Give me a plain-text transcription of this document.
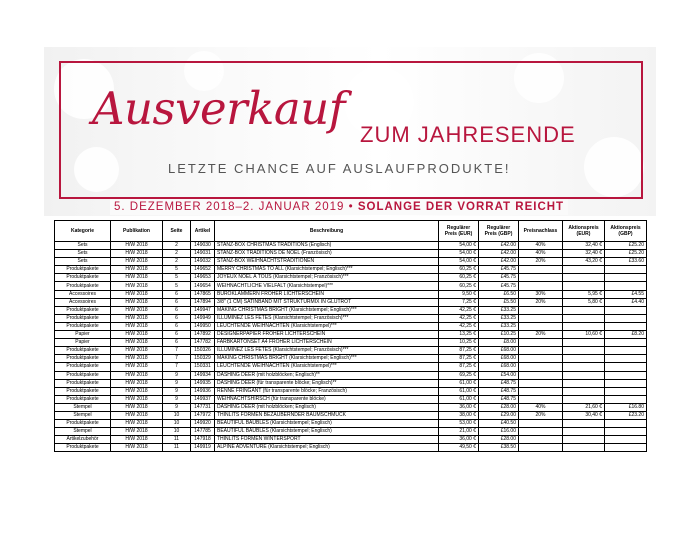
Ausverkauf ZUM JAHRESENDE
LETZTE CHANCE AUF AUSLAUFPRODUKTE!
5. DEZEMBER 2018–2. JANUAR 2019 • SOLANGE DER VORRAT REICHT
Kategorie	Publikation	Seite	Artikel	Beschreibung	Regulärer Preis (EUR)	Regulärer Preis (GBP)	Preisnachlass	Aktionspreis (EUR)	Aktionspreis (GBP)
Sets	H/W 2018	2	149030	STANZ-BOX CHRISTMAS TRADITIONS (Englisch)	54,00 €	£42.00	40%	32,40 €	£25.20
Sets	H/W 2018	2	149031	STANZ-BOX TRADITIONS DE NOËL (Französisch)	54,00 €	£42.00	40%	32,40 €	£25.20
Sets	H/W 2018	2	149032	STANZ-BOX WEIHNACHTSTRADITIONEN	54,00 €	£42.00	20%	43,20 €	£33.60
Produktpakete	H/W 2018	5	149652	MERRY CHRISTMAS TO ALL (Klarsichtstempel; Englisch)***	60,25 €	£45.75			
Produktpakete	H/W 2018	5	149653	JOYEUX NOËL À TOUS (Klarsichtstempel; Französisch)***	60,25 €	£45.75			
Produktpakete	H/W 2018	5	149654	WEIHNACHTLICHE VIELFALT (Klarsichtstempel)***	60,25 €	£45.75			
Accessoires	H/W 2018	6	147865	BÜROKLAMMERN FROHER LICHTERSCHEIN	9,50 €	£6.50	30%	5,95 €	£4.55
Accessoires	H/W 2018	6	147894	3/8" (1 CM) SATINBAND MIT STRUKTURMIX IN GLUTROT	7,25 €	£5.50	20%	5,80 €	£4.40
Produktpakete	H/W 2018	6	149947	MAKING CHRISTMAS BRIGHT (Klarsichtstempel; Englisch)***	42,25 €	£33.25			
Produktpakete	H/W 2018	6	149949	ILLUMINEZ LES FÊTES (Klarsichtstempel; Französisch)***	42,25 €	£33.25			
Produktpakete	H/W 2018	6	149950	LEUCHTENDE WEIHNACHTEN (Klarsichtstempel)***	42,25 €	£33.25			
Papier	H/W 2018	6	147892	DESIGNERPAPIER FROHER LICHTERSCHEIN	13,25 €	£10.25	20%	10,60 €	£8.20
Papier	H/W 2018	6	147782	FARBKARTONSET A4 FROHER LICHTERSCHEIN	10,25 €	£8.00			
Produktpakete	H/W 2018	7	150326	ILLUMINEZ LES FÊTES (Klarsichtstempel; Französisch)***	87,25 €	£68.00			
Produktpakete	H/W 2018	7	150329	MAKING CHRISTMAS BRIGHT (Klarsichtstempel; Englisch)***	87,25 €	£68.00			
Produktpakete	H/W 2018	7	150331	LEUCHTENDE WEIHNACHTEN (Klarsichtstempel)***	87,25 €	£68.00			
Produktpakete	H/W 2018	9	149934	DASHING DEER (mit holzblöcken; Englisch)**	69,25 €	£54.00			
Produktpakete	H/W 2018	9	149935	DASHING DEER (für transparente blöcke; Englisch)**	61,00 €	£48.75			
Produktpakete	H/W 2018	9	149936	RENNE FRINGANT (für transparente blöcke; Französisch)	61,00 €	£48.75			
Produktpakete	H/W 2018	9	149937	WEIHNACHTSHIRSCH (für transparente blöcke)	61,00 €	£48.75			
Stempel	H/W 2018	9	147731	DASHING DEER (mit holzblöcken; Englisch)	36,00 €	£28.00	40%	21,60 €	£16.80
Stempel	H/W 2018	10	147972	THINLITS FORMEN BEZAUBERNDER BAUMSCHMUCK	38,00 €	£29.00	20%	30,40 €	£23.20
Produktpakete	H/W 2018	10	149920	BEAUTIFUL BAUBLES (Klarsichtstempel; Englisch)	53,00 €	£40.50			
Stempel	H/W 2018	10	147785	BEAUTIFUL BAUBLES (Klarsichtstempel; Englisch)	21,00 €	£16.00			
Artikelzubehör	H/W 2018	11	147918	THINLITS FORMEN WINTERSPORT	36,00 €	£28.00			
Produktpakete	H/W 2018	11	149919	ALPINE ADVENTURE (Klarsichtstempel; Englisch)	49,50 €	£38.50			
